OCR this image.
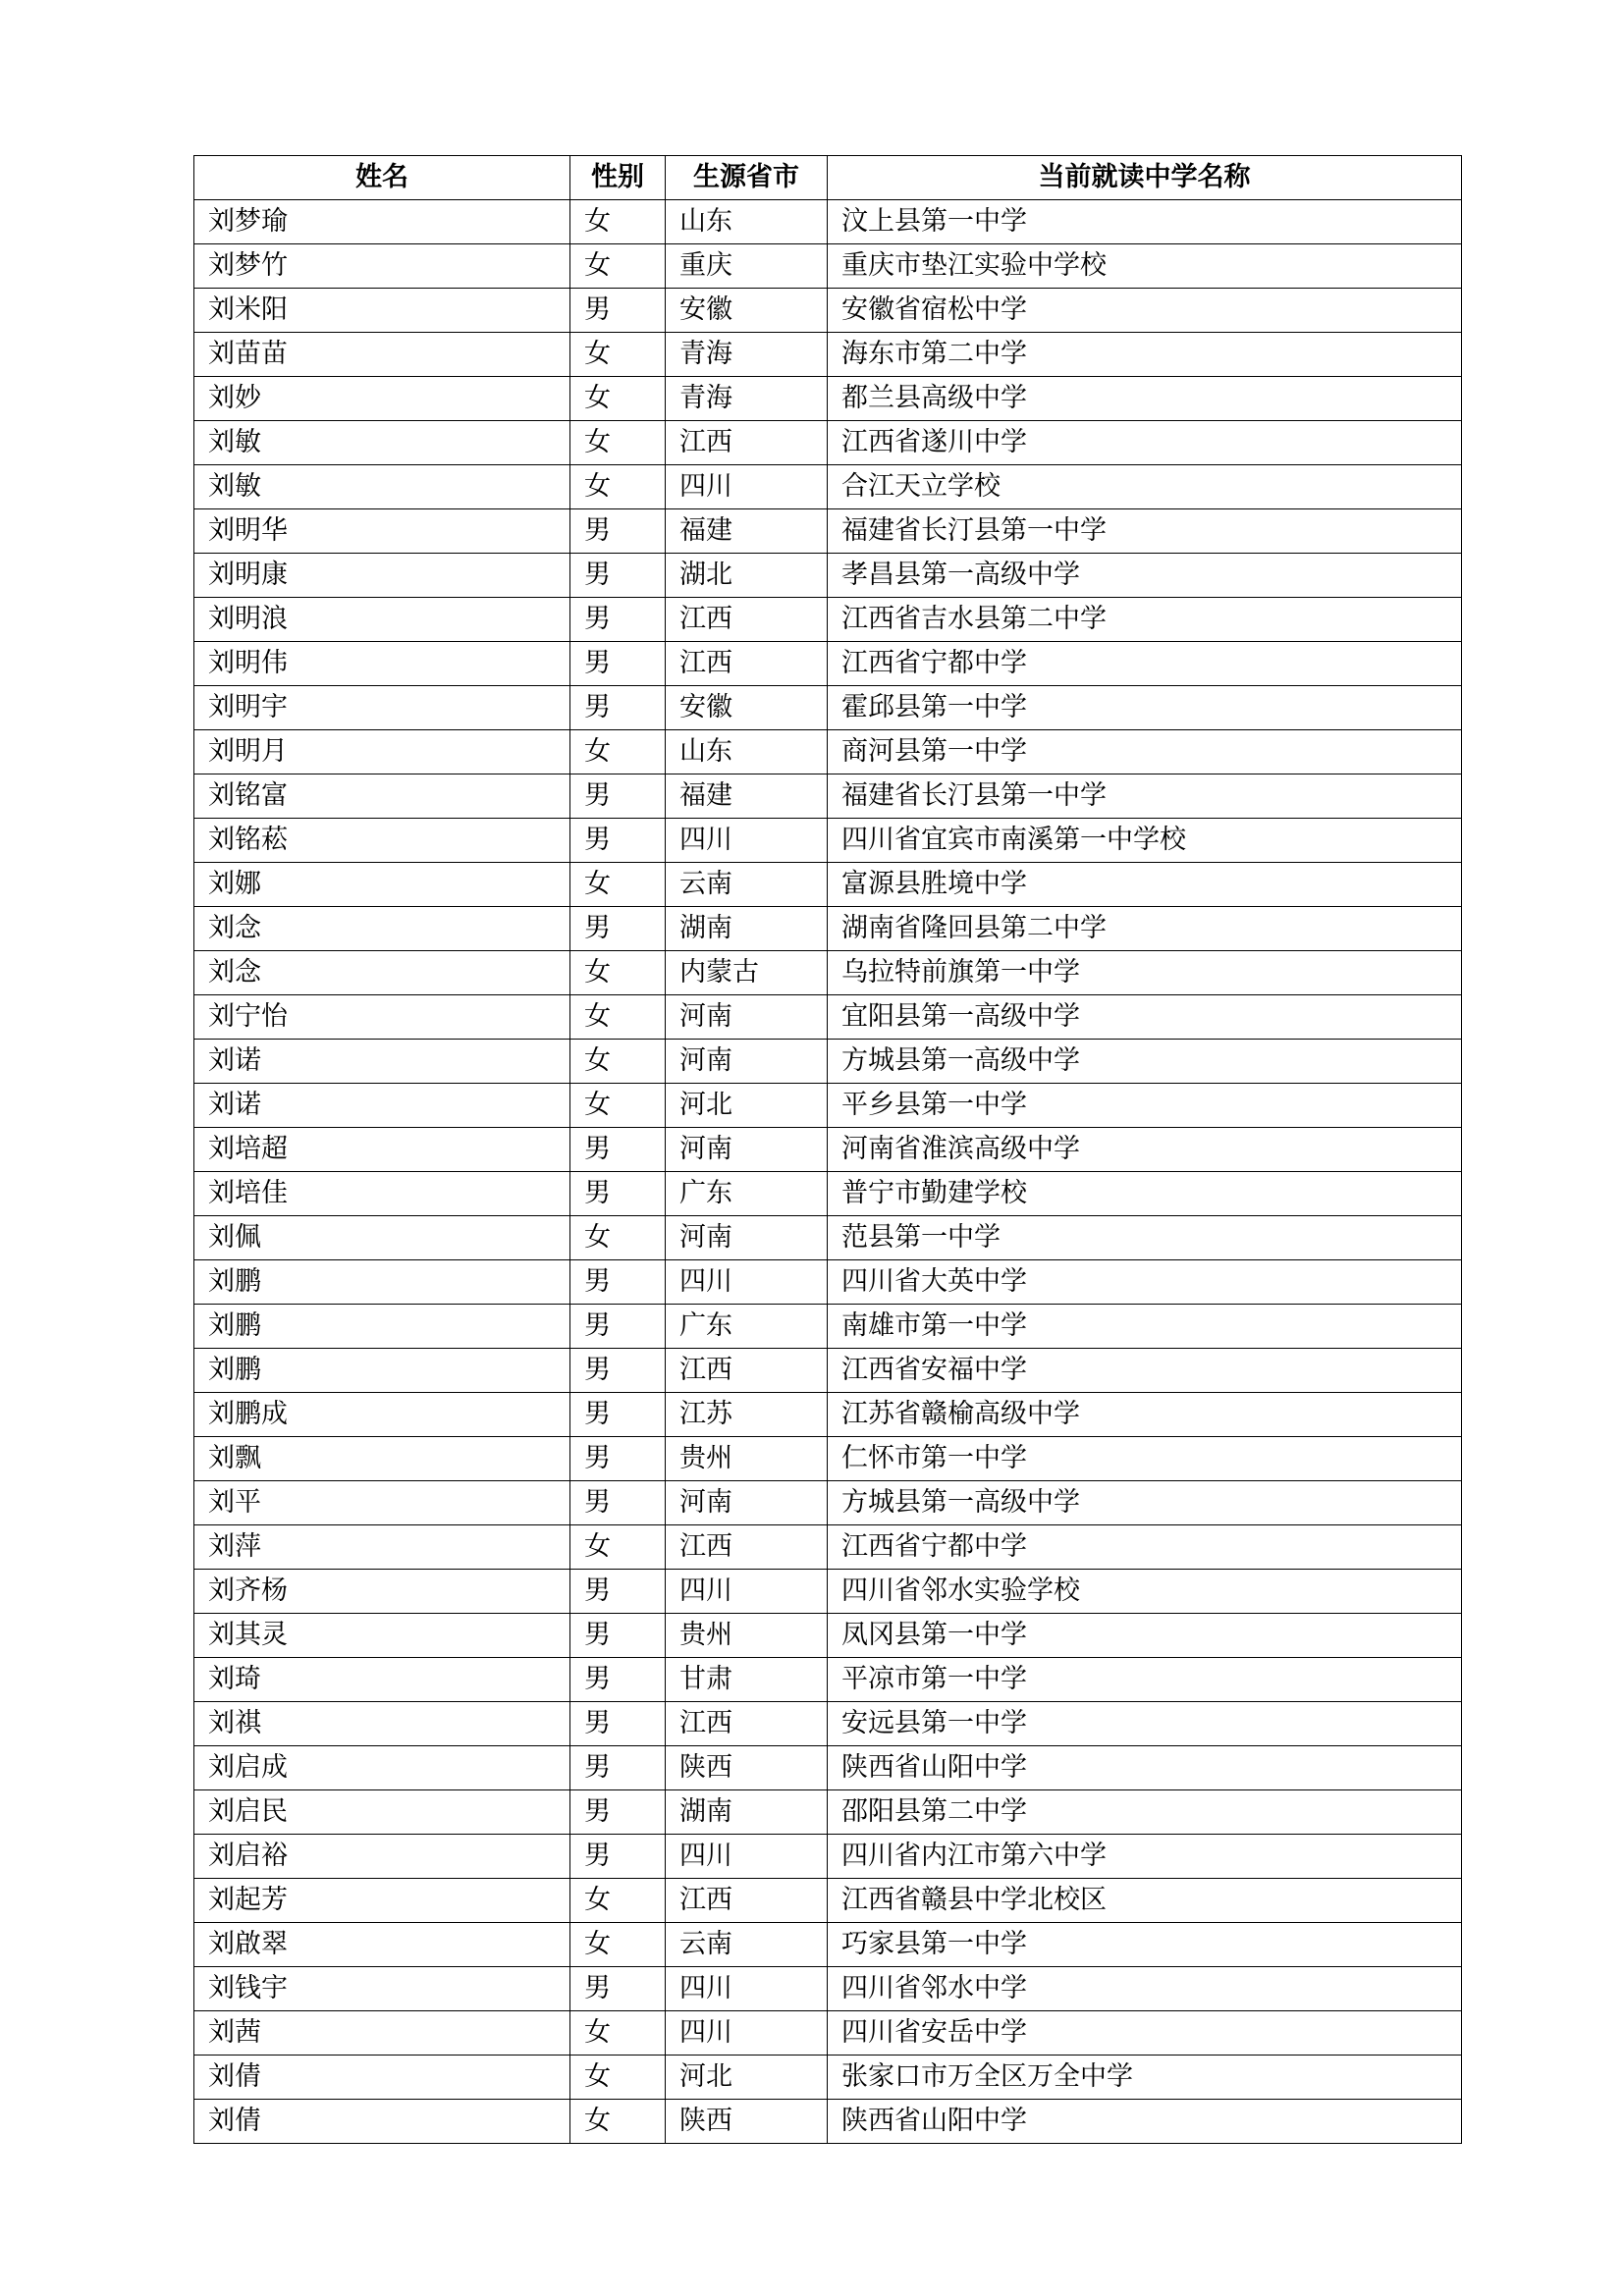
姓名	性别	生源省市	当前就读中学名称
刘梦瑜	女	山东	汶上县第一中学
刘梦竹	女	重庆	重庆市垫江实验中学校
刘米阳	男	安徽	安徽省宿松中学
刘苗苗	女	青海	海东市第二中学
刘妙	女	青海	都兰县高级中学
刘敏	女	江西	江西省遂川中学
刘敏	女	四川	合江天立学校
刘明华	男	福建	福建省长汀县第一中学
刘明康	男	湖北	孝昌县第一高级中学
刘明浪	男	江西	江西省吉水县第二中学
刘明伟	男	江西	江西省宁都中学
刘明宇	男	安徽	霍邱县第一中学
刘明月	女	山东	商河县第一中学
刘铭富	男	福建	福建省长汀县第一中学
刘铭菘	男	四川	四川省宜宾市南溪第一中学校
刘娜	女	云南	富源县胜境中学
刘念	男	湖南	湖南省隆回县第二中学
刘念	女	内蒙古	乌拉特前旗第一中学
刘宁怡	女	河南	宜阳县第一高级中学
刘诺	女	河南	方城县第一高级中学
刘诺	女	河北	平乡县第一中学
刘培超	男	河南	河南省淮滨高级中学
刘培佳	男	广东	普宁市勤建学校
刘佩	女	河南	范县第一中学
刘鹏	男	四川	四川省大英中学
刘鹏	男	广东	南雄市第一中学
刘鹏	男	江西	江西省安福中学
刘鹏成	男	江苏	江苏省赣榆高级中学
刘飘	男	贵州	仁怀市第一中学
刘平	男	河南	方城县第一高级中学
刘萍	女	江西	江西省宁都中学
刘齐杨	男	四川	四川省邻水实验学校
刘其灵	男	贵州	凤冈县第一中学
刘琦	男	甘肃	平凉市第一中学
刘祺	男	江西	安远县第一中学
刘启成	男	陕西	陕西省山阳中学
刘启民	男	湖南	邵阳县第二中学
刘启裕	男	四川	四川省内江市第六中学
刘起芳	女	江西	江西省赣县中学北校区
刘啟翠	女	云南	巧家县第一中学
刘钱宇	男	四川	四川省邻水中学
刘茜	女	四川	四川省安岳中学
刘倩	女	河北	张家口市万全区万全中学
刘倩	女	陕西	陕西省山阳中学
